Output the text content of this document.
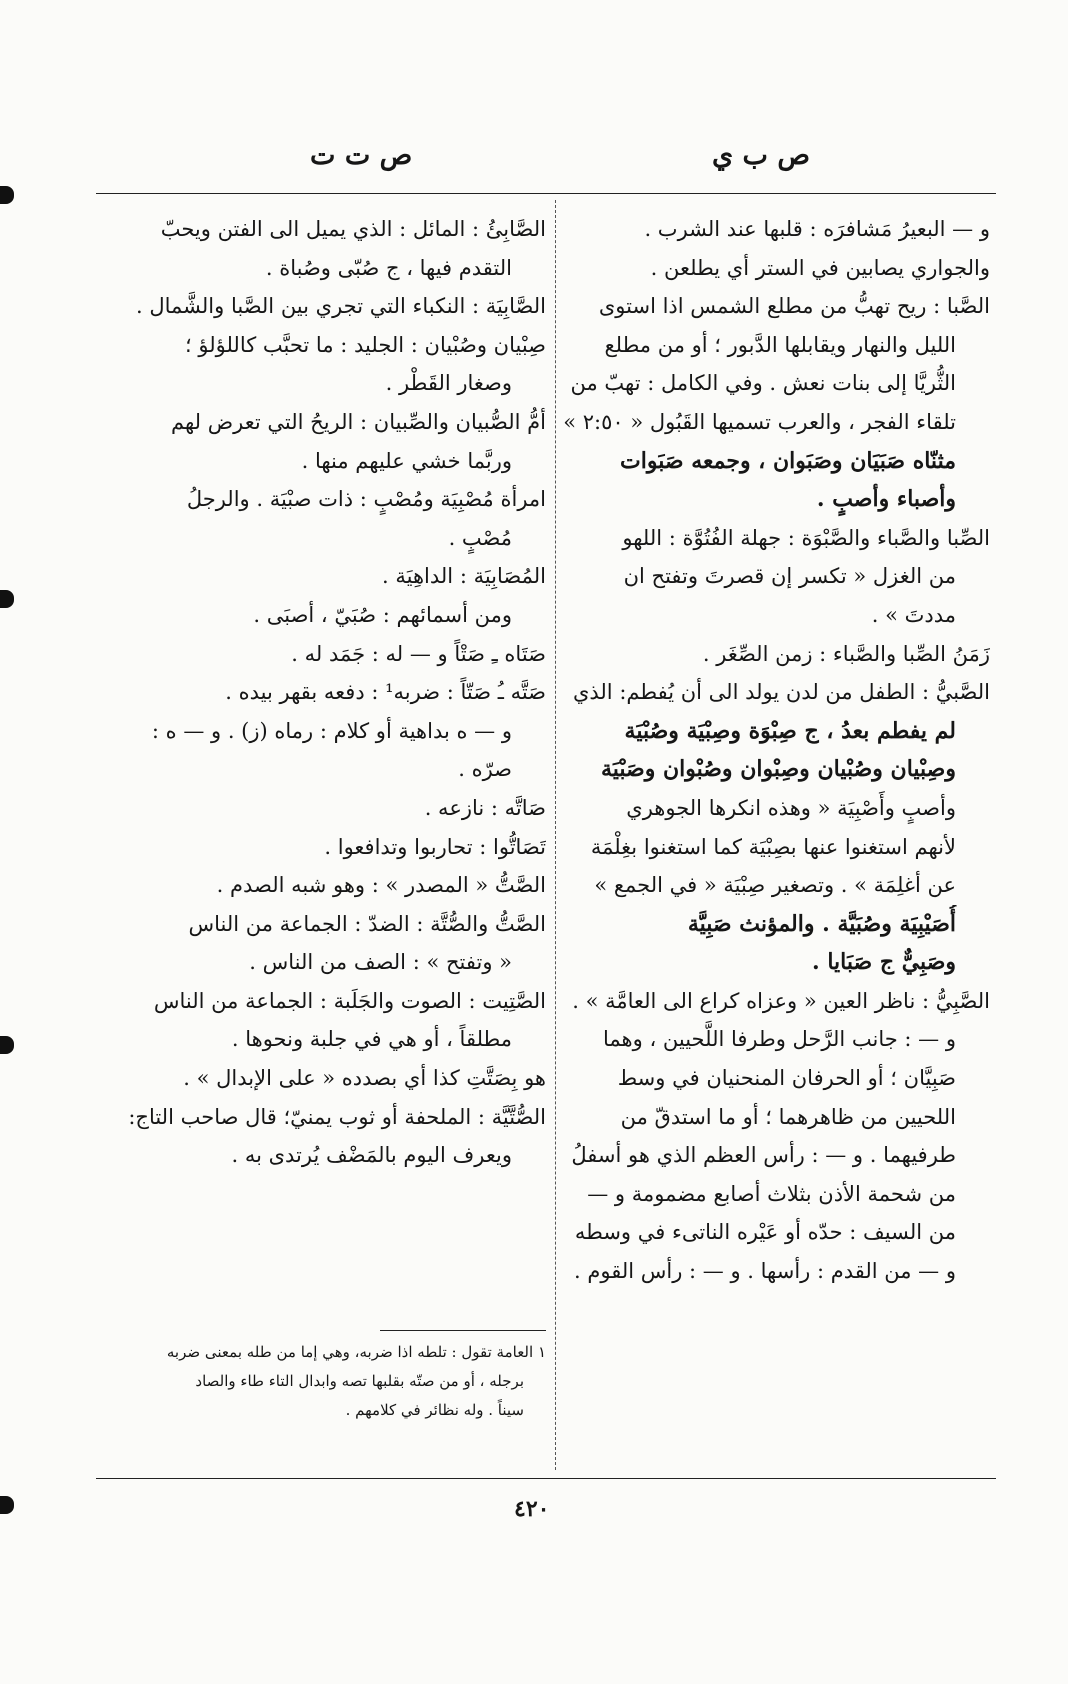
ص ت ت	ص ب ي
و — البعيرُ مَشافرَه : قلبها عند الشرب .
والجواري يصابين في الستر أي يطلعن .
الصَّبا : ريح تهبُّ من مطلع الشمس اذا استوى
الليل والنهار ويقابلها الدَّبور ؛ أو من مطلع
الثُّريَّا إلى بنات نعش . وفي الكامل : تهبّ من
تلقاء الفجر ، والعرب تسميها القَبُول « ٢:٥٠ »
مثنّاه صَبَيَان وصَبَوان ، وجمعه صَبَوات
وأصباء وأصبٍ .
الصِّبا والصَّباء والصَّبْوَة : جهلة الفُتُوَّة : اللهو
من الغزل « تكسر إن قصرتَ وتفتح ان
مددتَ » .
زَمَنُ الصِّبا والصَّباء : زمن الصِّغَر .
الصَّبيُّ : الطفل من لدن يولد الى أن يُفطم: الذي
لم يفطم بعدُ ، ج صِبْوَة وصِبْيَة وصُبْيَة
وصِبْيان وصُبْيان وصِبْوان وصُبْوان وصَبْيَة
وأصبٍ وأَصْبِيَة « وهذه انكرها الجوهري
لأنهم استغنوا عنها بصِبْيَة كما استغنوا بغِلْمَة
عن أغلِمَة » . وتصغير صِبْيَة « في الجمع »
أُصَيْبِيَة وصُبَيَّة . والمؤنث صَبِيَّة
وصَبِيٌّ ج صَبَايا .
الصَّبِيُّ : ناظر العين « وعزاه كراع الى العامَّة » .
و — : جانب الرَّحل وطرفا اللَّحيين ، وهما
صَبِيَّان ؛ أو الحرفان المنحنيان في وسط
اللحيين من ظاهرهما ؛ أو ما استدقّ من
طرفيهما . و — : رأس العظم الذي هو أسفلُ
من شحمة الأذن بثلاث أصابع مضمومة و —
من السيف : حدّه أو عَيْره الناتىء في وسطه
و — من القدم : رأسها . و — : رأس القوم .
الصَّابِئُ : المائل : الذي يميل الى الفتن ويحبّ
التقدم فيها ، ج صُبّى وصُباة .
الصَّابِيَة : النكباء التي تجري بين الصَّبا والشَّمال .
صِبْيان وصُبْيان : الجليد : ما تحبَّب كاللؤلؤ ؛
وصغار القَطْر .
أمُّ الصُّبيان والصِّبيان : الريحُ التي تعرض لهم
وربَّما خشي عليهم منها .
امرأة مُصْبِيَة ومُصْبٍ : ذات صبْيَة . والرجلُ
مُصْبٍ .
المُصَابِيَة : الداهِيَة .
ومن أسمائهم : صُبَيّ ، أصبَى .
صَتَاه ـِ صَتْاً و — له : جَمَد له .
صَتَّه ـُ صَتّاً : ضربه¹ : دفعه بقهر بيده .
و — ه بداهية أو كلام : رماه (ز) . و — ه :
صرّه .
صَاتَّه : نازعه .
تَصَاتُّوا : تحاربوا وتدافعوا .
الصَّتُّ « المصدر » : وهو شبه الصدم .
الصَّتُّ والصُّتَّة : الضدّ : الجماعة من الناس
« وتفتح » : الصف من الناس .
الصَّتِيت : الصوت والجَلَبة : الجماعة من الناس
مطلقاً ، أو هي في جلبة ونحوها .
هو بِصَتَّتِ كذا أي بصدده « على الإبدال » .
الصُّتَّيَّة : الملحفة أو ثوب يمنيّ؛ قال صاحب التاج:
ويعرف اليوم بالمَضْف يُرتدى به .
١ العامة تقول : تلطه اذا ضربه، وهي إما من طله بمعنى ضربه
برجله ، أو من صتّه بقلبها تصه وابدال التاء طاء والصاد
سيناً . وله نظائر في كلامهم .
٤٢٠
